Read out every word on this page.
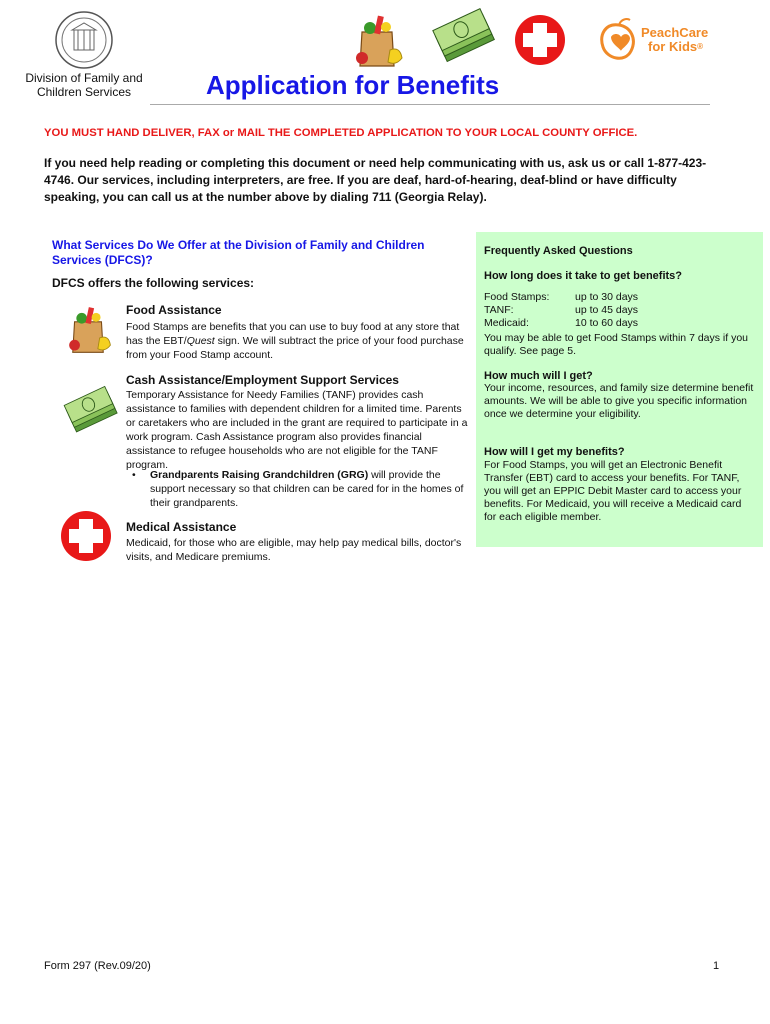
PeachCare
for Kids®
Division of Family and Children Services	Application for Benefits
YOU MUST HAND DELIVER, FAX or MAIL THE COMPLETED APPLICATION TO YOUR LOCAL COUNTY OFFICE.
If you need help reading or completing this document or need help communicating with us, ask us or call 1-877-423-4746. Our services, including interpreters, are free. If you are deaf, hard-of-hearing, deaf-blind or have difficulty speaking, you can call us at the number above by dialing 711 (Georgia Relay).
What Services Do We Offer at the Division of Family and Children Services (DFCS)?
DFCS offers the following services:
Food Assistance
Food Stamps are benefits that you can use to buy food at any store that has the EBT/Quest sign. We will subtract the price of your food purchase from your Food Stamp account.
Cash Assistance/Employment Support Services
Temporary Assistance for Needy Families (TANF) provides cash assistance to families with dependent children for a limited time. Parents or caretakers who are included in the grant are required to participate in a work program. Cash Assistance program also provides financial assistance to refugee households who are not eligible for the TANF program.
• Grandparents Raising Grandchildren (GRG) will provide the support necessary so that children can be cared for in the homes of their grandparents.
Medical Assistance
Medicaid, for those who are eligible, may help pay medical bills, doctor's visits, and Medicare premiums.
Frequently Asked Questions
How long does it take to get benefits?
Food Stamps:	up to 30 days
TANF:	up to 45 days
Medicaid:	10 to 60 days
You may be able to get Food Stamps within 7 days if you qualify. See page 5.
How much will I get?
Your income, resources, and family size determine benefit amounts. We will be able to give you specific information once we determine your eligibility.
How will I get my benefits?
For Food Stamps, you will get an Electronic Benefit Transfer (EBT) card to access your benefits. For TANF, you will get an EPPIC Debit Master card to access your benefits. For Medicaid, you will receive a Medicaid card for each eligible member.
Form 297 (Rev.09/20)	1
